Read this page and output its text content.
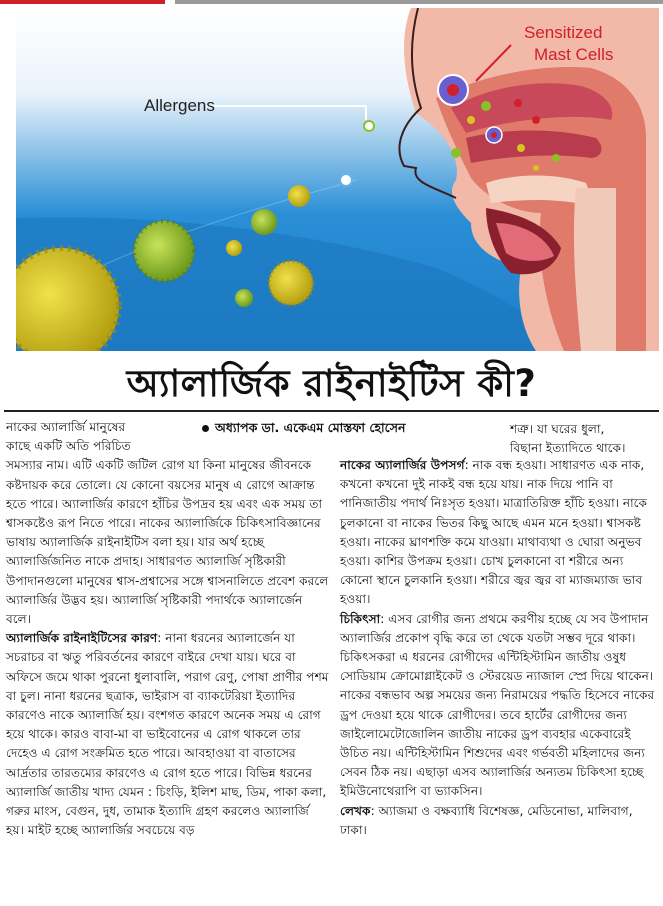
Allergens
Sensitized
Mast Cells
অ্যালার্জিক রাইনাইটিস কী?
অধ্যাপক ডা. একেএম মোস্তফা হোসেন	শত্রু। যা ঘরের ধুলা,

বিছানা ইত্যাদিতে থাকে।

নাকের অ্যালার্জি মানুষের

কাছে একটি অতি পরিচিত

সমস্যার নাম। এটি একটি জটিল রোগ যা কিনা মানুষের জীবনকে কষ্টদায়ক করে তোলে। যে কোনো বয়সের মানুষ এ রোগে আক্রান্ত হতে পারে। অ্যালার্জির কারণে হাঁচির উপদ্রব হয় এবং এক সময় তা শ্বাসকষ্টেও রূপ নিতে পারে। নাকের অ্যালার্জিকে চিকিৎসাবিজ্ঞানের ভাষায় অ্যালার্জিক রাইনাইটিস বলা হয়। যার অর্থ হচ্ছে অ্যালার্জিজনিত নাকে প্রদাহ। সাধারণত অ্যালার্জি সৃষ্টিকারী উপাদানগুলো মানুষের শ্বাস-প্রশ্বাসের সঙ্গে শ্বাসনালিতে প্রবেশ করলে অ্যালার্জির উদ্ভব হয়। অ্যালার্জি সৃষ্টিকারী পদার্থকে অ্যালার্জেন বলে।

অ্যালার্জিক রাইনাইটিসের কারণ: নানা ধরনের অ্যালার্জেন যা সচরাচর বা ঋতু পরিবর্তনের কারণে বাইরে দেখা যায়। ঘরে বা অফিসে জমে থাকা পুরনো ধুলাবালি, পরাগ রেণু, পোষা প্রাণীর পশম বা চুল। নানা ধরনের ছত্রাক, ভাইরাস বা ব্যাকটেরিয়া ইত্যাদির কারণেও নাকে অ্যালার্জি হয়। বংশগত কারণে অনেক সময় এ রোগ হয়ে থাকে। কারও বাবা-মা বা ভাইবোনের এ রোগ থাকলে তার দেহেও এ রোগ সংক্রমিত হতে পারে। আবহাওয়া বা বাতাসের আর্দ্রতার তারতম্যের কারণেও এ রোগ হতে পারে। বিভিন্ন ধরনের অ্যালার্জি জাতীয় খাদ্য যেমন : চিংড়ি, ইলিশ মাছ, ডিম, পাকা কলা, গরুর মাংস, বেগুন, দুধ, তামাক ইত্যাদি গ্রহণ করলেও অ্যালার্জি হয়। মাইট হচ্ছে অ্যালার্জির সবচেয়ে বড়

নাকের অ্যালার্জির উপসর্গ: নাক বন্ধ হওয়া। সাধারণত এক নাক, কখনো কখনো দুই নাকই বন্ধ হয়ে যায়। নাক দিয়ে পানি বা পানিজাতীয় পদার্থ নিঃসৃত হওয়া। মাত্রাতিরিক্ত হাঁচি হওয়া। নাকে চুলকানো বা নাকের ভিতর কিছু আছে এমন মনে হওয়া। শ্বাসকষ্ট হওয়া। নাকের ঘ্রাণশক্তি কমে যাওয়া। মাথাব্যথা ও ঘোরা অনুভব হওয়া। কাশির উপক্রম হওয়া। চোখ চুলকানো বা শরীরে অন্য কোনো স্থানে চুলকানি হওয়া। শরীরে জ্বর জ্বর বা ম্যাজম্যাজ ভাব হওয়া।

চিকিৎসা: এসব রোগীর জন্য প্রথমে করণীয় হচ্ছে যে সব উপাদান অ্যালার্জির প্রকোপ বৃদ্ধি করে তা থেকে যতটা সম্ভব দূরে থাকা। চিকিৎসকরা এ ধরনের রোগীদের এন্টিহিস্টামিন জাতীয় ওষুধ সোডিয়াম ক্রোমোগ্লাইকেট ও স্টেরয়েড ন্যাজাল স্প্রে দিয়ে থাকেন। নাকের বন্ধভাব অল্প সময়ের জন্য নিরাময়ের পদ্ধতি হিসেবে নাকের ড্রপ দেওয়া হয়ে থাকে রোগীদের। তবে হার্টের রোগীদের জন্য জাইলোমেটোজোলিন জাতীয় নাকের ড্রপ ব্যবহার একেবারেই উচিত নয়। এন্টিহিস্টামিন শিশুদের এবং গর্ভবতী মহিলাদের জন্য সেবন ঠিক নয়। এছাড়া এসব অ্যালার্জির অন্যতম চিকিৎসা হচ্ছে ইমিউনোথেরাপি বা ভ্যাকসিন।

লেখক: অ্যাজমা ও বক্ষব্যাধি বিশেষজ্ঞ, মেডিনোভা, মালিবাগ, ঢাকা।
